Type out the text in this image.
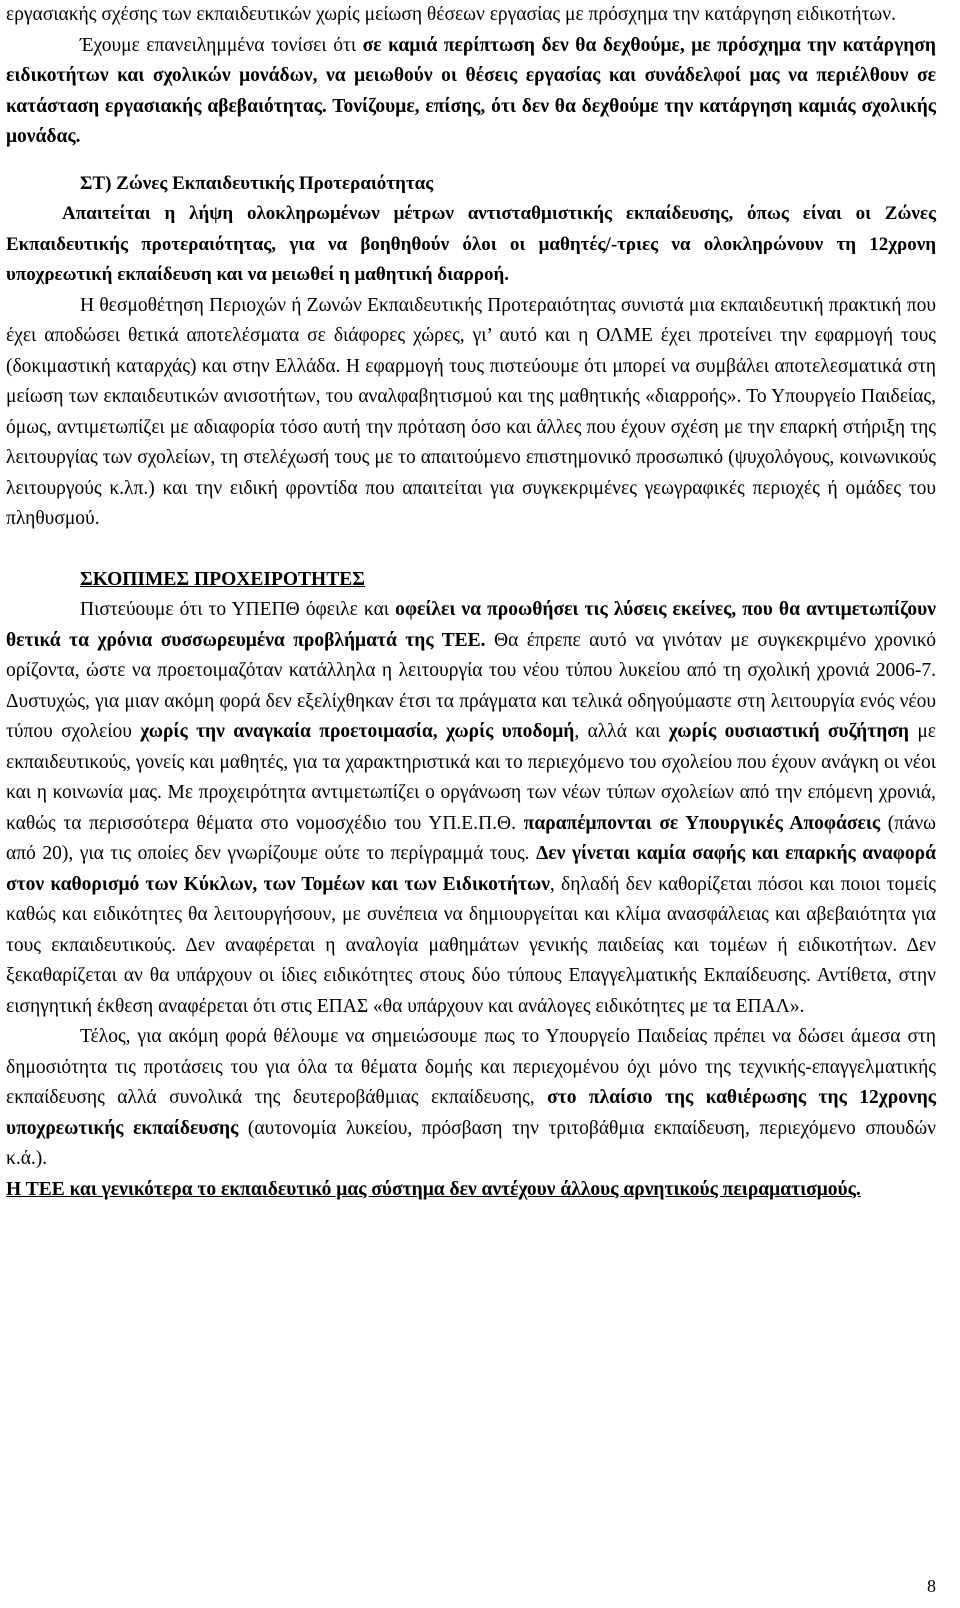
εργασιακής σχέσης των εκπαιδευτικών χωρίς μείωση θέσεων εργασίας με πρόσχημα την κατάργηση ειδικοτήτων.

Έχουμε επανειλημμένα τονίσει ότι σε καμιά περίπτωση δεν θα δεχθούμε, με πρόσχημα την κατάργηση ειδικοτήτων και σχολικών μονάδων, να μειωθούν οι θέσεις εργασίας και συνάδελφοί μας να περιέλθουν σε κατάσταση εργασιακής αβεβαιότητας. Τονίζουμε, επίσης, ότι δεν θα δεχθούμε την κατάργηση καμιάς σχολικής μονάδας.

ΣΤ) Ζώνες Εκπαιδευτικής Προτεραιότητας

Απαιτείται η λήψη ολοκληρωμένων μέτρων αντισταθμιστικής εκπαίδευσης, όπως είναι οι Ζώνες Εκπαιδευτικής προτεραιότητας, για να βοηθηθούν όλοι οι μαθητές/-τριες να ολοκληρώνουν τη 12χρονη υποχρεωτική εκπαίδευση και να μειωθεί η μαθητική διαρροή.

Η θεσμοθέτηση Περιοχών ή Ζωνών Εκπαιδευτικής Προτεραιότητας συνιστά μια εκπαιδευτική πρακτική που έχει αποδώσει θετικά αποτελέσματα σε διάφορες χώρες, γι’ αυτό και η ΟΛΜΕ έχει προτείνει την εφαρμογή τους (δοκιμαστική καταρχάς) και στην Ελλάδα. Η εφαρμογή τους πιστεύουμε ότι μπορεί να συμβάλει αποτελεσματικά στη μείωση των εκπαιδευτικών ανισοτήτων, του αναλφαβητισμού και της μαθητικής «διαρροής». Το Υπουργείο Παιδείας, όμως, αντιμετωπίζει με αδιαφορία τόσο αυτή την πρόταση όσο και άλλες που έχουν σχέση με την επαρκή στήριξη της λειτουργίας των σχολείων, τη στελέχωσή τους με το απαιτούμενο επιστημονικό προσωπικό (ψυχολόγους, κοινωνικούς λειτουργούς κ.λπ.) και την ειδική φροντίδα που απαιτείται για συγκεκριμένες γεωγραφικές περιοχές ή ομάδες του πληθυσμού.

ΣΚΟΠΙΜΕΣ ΠΡΟΧΕΙΡΟΤΗΤΕΣ

Πιστεύουμε ότι το ΥΠΕΠΘ όφειλε και οφείλει να προωθήσει τις λύσεις εκείνες, που θα αντιμετωπίζουν θετικά τα χρόνια συσσωρευμένα προβλήματά της ΤΕΕ. Θα έπρεπε αυτό να γινόταν με συγκεκριμένο χρονικό ορίζοντα, ώστε να προετοιμαζόταν κατάλληλα η λειτουργία του νέου τύπου λυκείου από τη σχολική χρονιά 2006-7. Δυστυχώς, για μιαν ακόμη φορά δεν εξελίχθηκαν έτσι τα πράγματα και τελικά οδηγούμαστε στη λειτουργία ενός νέου τύπου σχολείου χωρίς την αναγκαία προετοιμασία, χωρίς υποδομή, αλλά και χωρίς ουσιαστική συζήτηση με εκπαιδευτικούς, γονείς και μαθητές, για τα χαρακτηριστικά και το περιεχόμενο του σχολείου που έχουν ανάγκη οι νέοι και η κοινωνία μας. Με προχειρότητα αντιμετωπίζει ο οργάνωση των νέων τύπων σχολείων από την επόμενη χρονιά, καθώς τα περισσότερα θέματα στο νομοσχέδιο του ΥΠ.Ε.Π.Θ. παραπέμπονται σε Υπουργικές Αποφάσεις (πάνω από 20), για τις οποίες δεν γνωρίζουμε ούτε το περίγραμμά τους. Δεν γίνεται καμία σαφής και επαρκής αναφορά στον καθορισμό των Κύκλων, των Τομέων και των Ειδικοτήτων, δηλαδή δεν καθορίζεται πόσοι και ποιοι τομείς καθώς και ειδικότητες θα λειτουργήσουν, με συνέπεια να δημιουργείται και κλίμα ανασφάλειας και αβεβαιότητα για τους εκπαιδευτικούς. Δεν αναφέρεται η αναλογία μαθημάτων γενικής παιδείας και τομέων ή ειδικοτήτων. Δεν ξεκαθαρίζεται αν θα υπάρχουν οι ίδιες ειδικότητες στους δύο τύπους Επαγγελματικής Εκπαίδευσης. Αντίθετα, στην εισηγητική έκθεση αναφέρεται ότι στις ΕΠΑΣ «θα υπάρχουν και ανάλογες ειδικότητες με τα ΕΠΑΛ».

Τέλος, για ακόμη φορά θέλουμε να σημειώσουμε πως το Υπουργείο Παιδείας πρέπει να δώσει άμεσα στη δημοσιότητα τις προτάσεις του για όλα τα θέματα δομής και περιεχομένου όχι μόνο της τεχνικής-επαγγελματικής εκπαίδευσης αλλά συνολικά της δευτεροβάθμιας εκπαίδευσης, στο πλαίσιο της καθιέρωσης της 12χρονης υποχρεωτικής εκπαίδευσης (αυτονομία λυκείου, πρόσβαση την τριτοβάθμια εκπαίδευση, περιεχόμενο σπουδών κ.ά.).

Η ΤΕΕ και γενικότερα το εκπαιδευτικό μας σύστημα δεν αντέχουν άλλους αρνητικούς πειραματισμούς.

8
